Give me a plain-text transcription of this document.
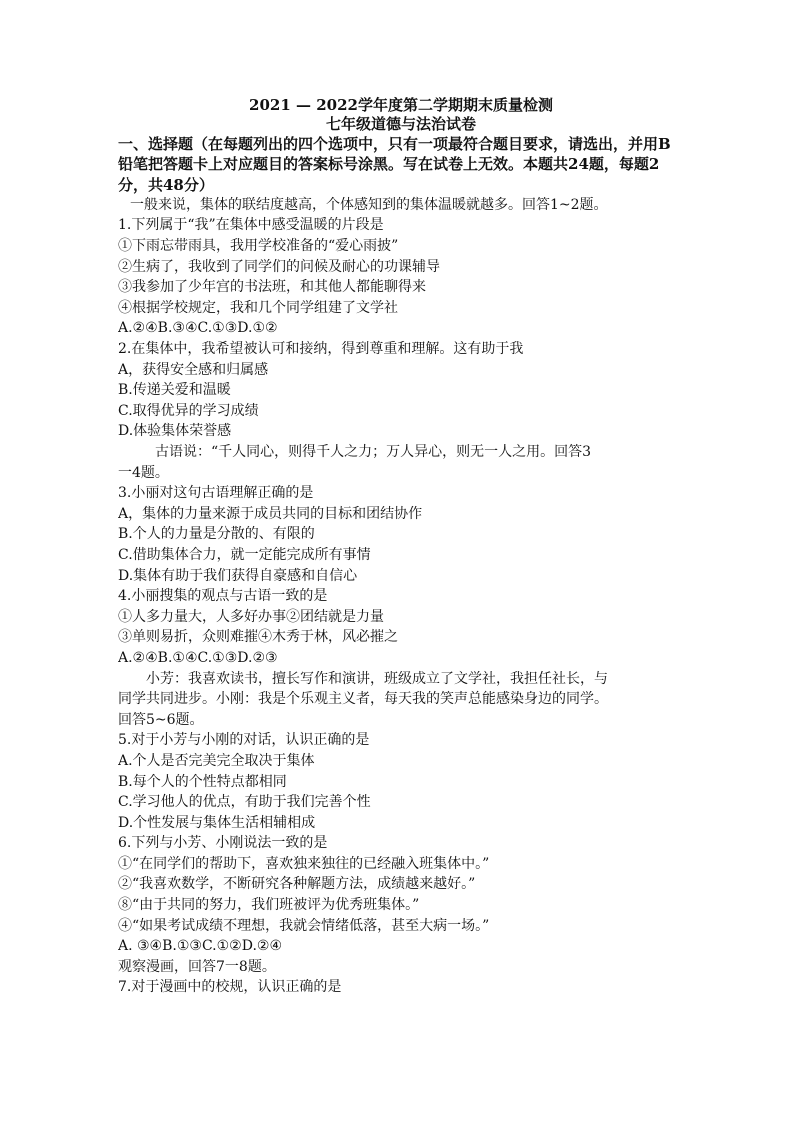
2021 — 2022学年度第二学期期末质量检测

七年级道德与法治试卷

一、选择题（在每题列出的四个选项中，只有一项最符合题目要求，请选出，并用B铅笔把答题卡上对应题目的答案标号涂黑。写在试卷上无效。本题共24题，每题2分，共48分）

一般来说，集体的联结度越高，个体感知到的集体温暖就越多。回答1~2题。

1.下列属于“我”在集体中感受温暖的片段是

①下雨忘带雨具，我用学校准备的“爱心雨披”

②生病了，我收到了同学们的问候及耐心的功课辅导

③我参加了少年宫的书法班，和其他人都能聊得来

④根据学校规定，我和几个同学组建了文学社

A.②④B.③④C.①③D.①②

2.在集体中，我希望被认可和接纳，得到尊重和理解。这有助于我

A，获得安全感和归属感

B.传递关爱和温暖

C.取得优异的学习成绩

D.体验集体荣誉感

古语说：“千人同心，则得千人之力；万人异心，则无一人之用。回答3

一4题。

3.小丽对这句古语理解正确的是

A，集体的力量来源于成员共同的目标和团结协作

B.个人的力量是分散的、有限的

C.借助集体合力，就一定能完成所有事情

D.集体有助于我们获得自豪感和自信心

4.小丽搜集的观点与古语一致的是

①人多力量大，人多好办事②团结就是力量

③单则易折，众则难摧④木秀于林，风必摧之

A.②④B.①④C.①③D.②③

小芳：我喜欢读书，擅长写作和演讲，班级成立了文学社，我担任社长，与

同学共同进步。小刚：我是个乐观主义者，每天我的笑声总能感染身边的同学。

回答5~6题。

5.对于小芳与小刚的对话，认识正确的是

A.个人是否完美完全取决于集体

B.每个人的个性特点都相同

C.学习他人的优点，有助于我们完善个性

D.个性发展与集体生活相辅相成

6.下列与小芳、小刚说法一致的是

①“在同学们的帮助下，喜欢独来独往的已经融入班集体中。”

②“我喜欢数学，不断研究各种解题方法，成绩越来越好。”

⑧“由于共同的努力，我们班被评为优秀班集体。”

④“如果考试成绩不理想，我就会情绪低落，甚至大病一场。”

A. ③④B.①③C.①②D.②④

观察漫画，回答7一8题。

7.对于漫画中的校规，认识正确的是
